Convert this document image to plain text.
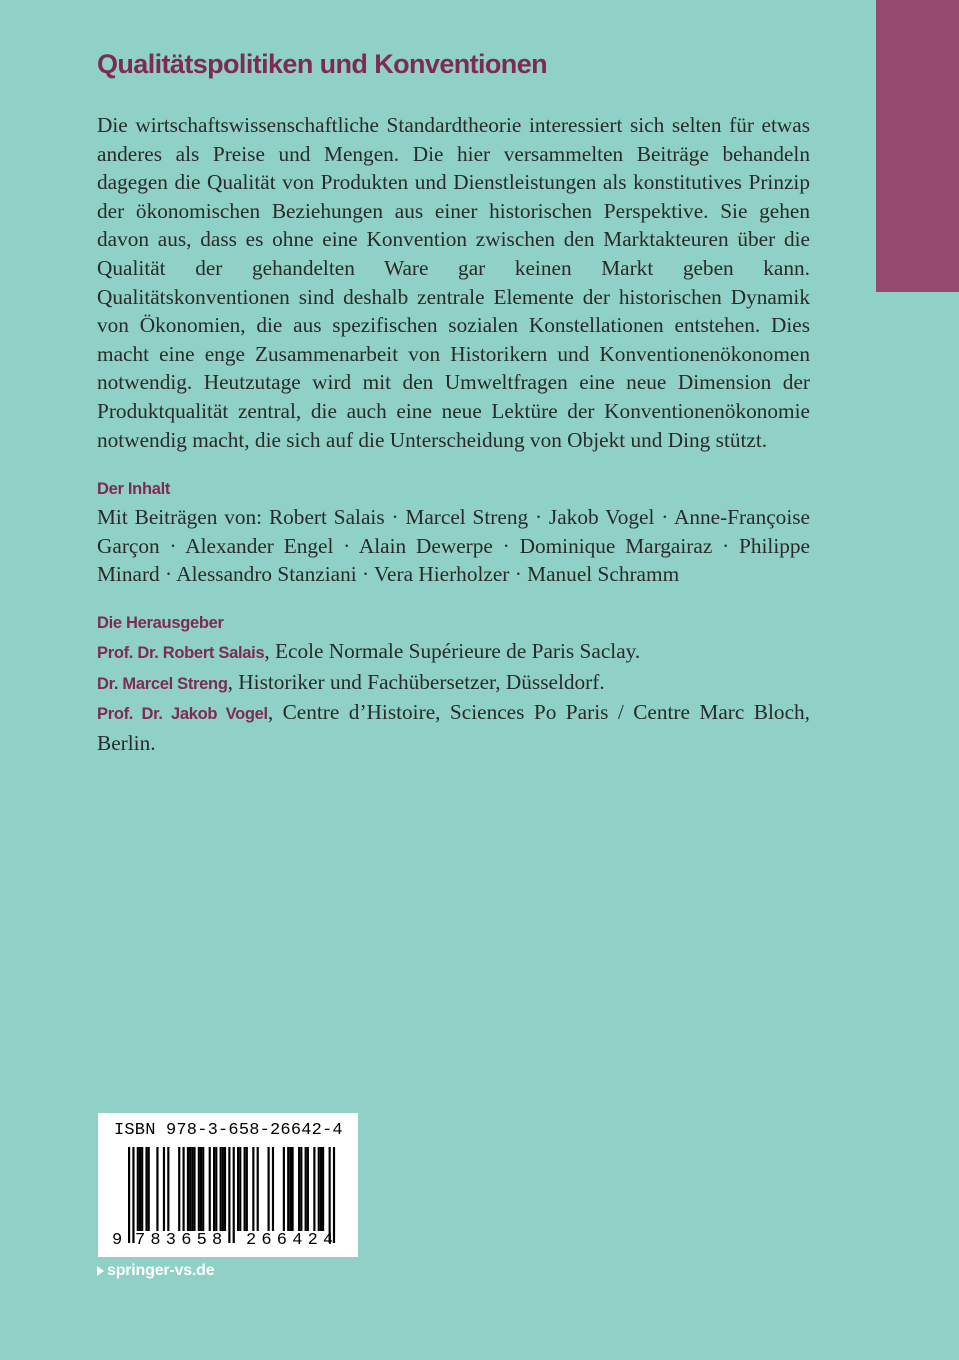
Qualitätspolitiken und Konventionen

Die wirtschaftswissenschaftliche Standardtheorie interessiert sich selten für etwas anderes als Preise und Mengen. Die hier versammelten Beiträge behandeln dagegen die Qualität von Produkten und Dienstleistungen als konstitutives Prinzip der ökonomischen Beziehungen aus einer historischen Perspektive. Sie gehen davon aus, dass es ohne eine Konvention zwischen den Marktakteuren über die Qualität der gehandelten Ware gar keinen Markt geben kann. Qualitätskonventionen sind deshalb zentrale Elemente der historischen Dynamik von Ökonomien, die aus spezifischen sozialen Konstellationen entstehen. Dies macht eine enge Zusammenarbeit von Historikern und Konventionenökonomen notwendig. Heutzutage wird mit den Umweltfragen eine neue Dimension der Produktqualität zentral, die auch eine neue Lektüre der Konventionenökonomie notwendig macht, die sich auf die Unterscheidung von Objekt und Ding stützt.

Der Inhalt

Mit Beiträgen von: Robert Salais · Marcel Streng · Jakob Vogel · Anne-Françoise Garçon · Alexander Engel · Alain Dewerpe · Dominique Margairaz · Philippe Minard · Alessandro Stanziani · Vera Hierholzer · Manuel Schramm

Die Herausgeber

Prof. Dr. Robert Salais, Ecole Normale Supérieure de Paris Saclay.

Dr. Marcel Streng, Historiker und Fachübersetzer, Düsseldorf.

Prof. Dr. Jakob Vogel, Centre d’Histoire, Sciences Po Paris / Centre Marc Bloch, Berlin.

ISBN 978-3-658-26642-4
9 783658 266424
springer-vs.de
